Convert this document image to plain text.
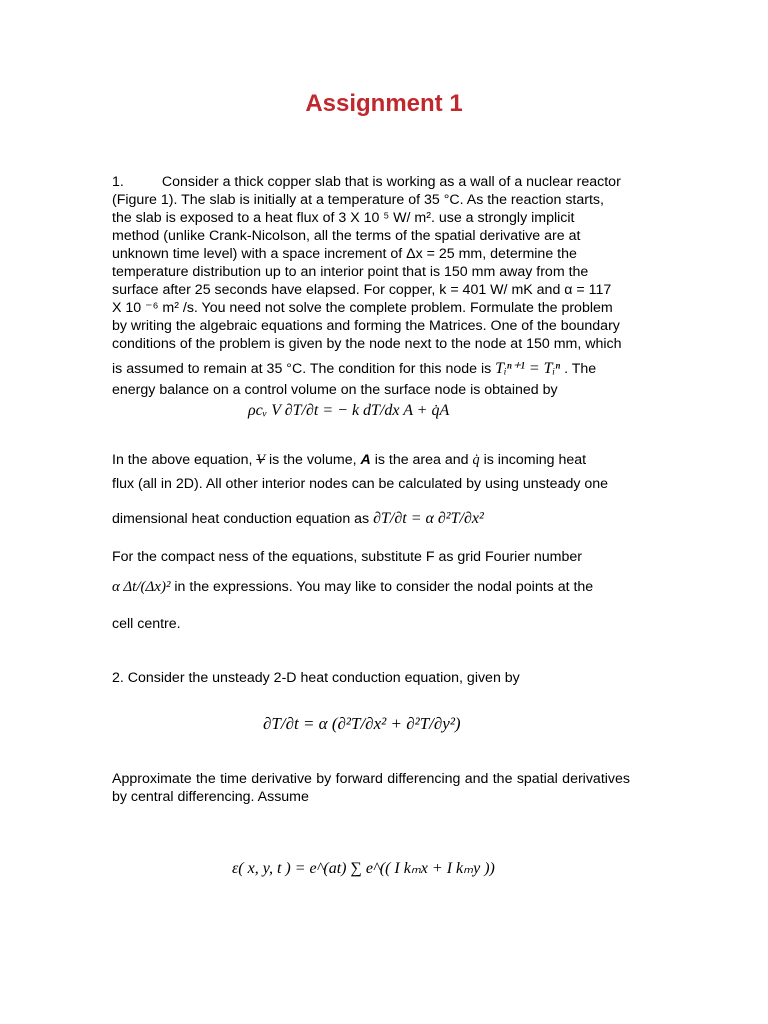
Assignment 1
1.	Consider a thick copper slab that is working as a wall of a nuclear reactor
(Figure 1). The slab is initially at a temperature of 35 °C. As the reaction starts,
the slab is exposed to a heat flux of 3 X 10 ⁵ W/ m². use a strongly implicit
method (unlike Crank-Nicolson, all the terms of the spatial derivative are at
unknown time level) with a space increment of Δx = 25 mm, determine the
temperature distribution up to an interior point that is 150 mm away from the
surface after 25 seconds have elapsed. For copper, k = 401 W/ mK and α = 117
X 10 ⁻⁶ m² /s. You need not solve the complete problem. Formulate the problem
by writing the algebraic equations and forming the Matrices. One of the boundary
conditions of the problem is given by the node next to the node at 150 mm, which
is assumed to remain at 35 °C. The condition for this node is Tᵢⁿ⁺¹ = Tᵢⁿ . The
energy balance on a control volume on the surface node is obtained by
ρcᵥ V ∂T/∂t = − k dT/dx A + q̇A
In the above equation, V is the volume, A is the area and q̇ is incoming heat
flux (all in 2D). All other interior nodes can be calculated by using unsteady one
dimensional heat conduction equation as ∂T/∂t = α ∂²T/∂x²
For the compact ness of the equations, substitute F as grid Fourier number
α Δt/(Δx)² in the expressions. You may like to consider the nodal points at the
cell centre.
2. Consider the unsteady 2-D heat conduction equation, given by
∂T/∂t = α (∂²T/∂x² + ∂²T/∂y²)
Approximate the time derivative by forward differencing and the spatial derivatives by central differencing. Assume
ε( x, y, t ) = e^(at) ∑ e^(( I kₘx + I kₘy ))
